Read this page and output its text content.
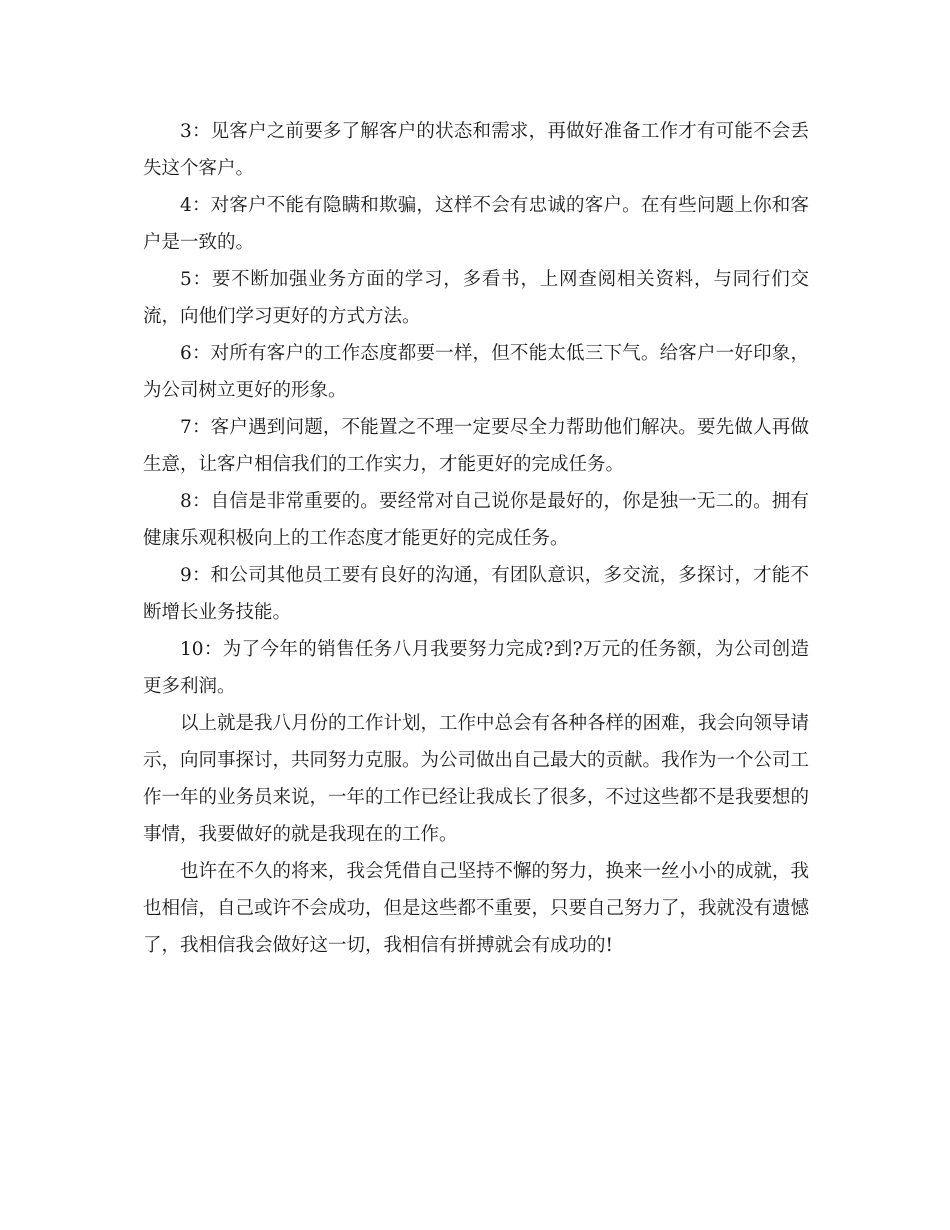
3：见客户之前要多了解客户的状态和需求，再做好准备工作才有可能不会丢失这个客户。

4：对客户不能有隐瞒和欺骗，这样不会有忠诚的客户。在有些问题上你和客户是一致的。

5：要不断加强业务方面的学习，多看书，上网查阅相关资料，与同行们交流，向他们学习更好的方式方法。

6：对所有客户的工作态度都要一样，但不能太低三下气。给客户一好印象，为公司树立更好的形象。

7：客户遇到问题，不能置之不理一定要尽全力帮助他们解决。要先做人再做生意，让客户相信我们的工作实力，才能更好的完成任务。

8：自信是非常重要的。要经常对自己说你是最好的，你是独一无二的。拥有健康乐观积极向上的工作态度才能更好的完成任务。

9：和公司其他员工要有良好的沟通，有团队意识，多交流，多探讨，才能不断增长业务技能。

10：为了今年的销售任务八月我要努力完成?到?万元的任务额，为公司创造更多利润。

以上就是我八月份的工作计划，工作中总会有各种各样的困难，我会向领导请示，向同事探讨，共同努力克服。为公司做出自己最大的贡献。我作为一个公司工作一年的业务员来说，一年的工作已经让我成长了很多，不过这些都不是我要想的事情，我要做好的就是我现在的工作。

也许在不久的将来，我会凭借自己坚持不懈的努力，换来一丝小小的成就，我也相信，自己或许不会成功，但是这些都不重要，只要自己努力了，我就没有遗憾了，我相信我会做好这一切，我相信有拼搏就会有成功的!
